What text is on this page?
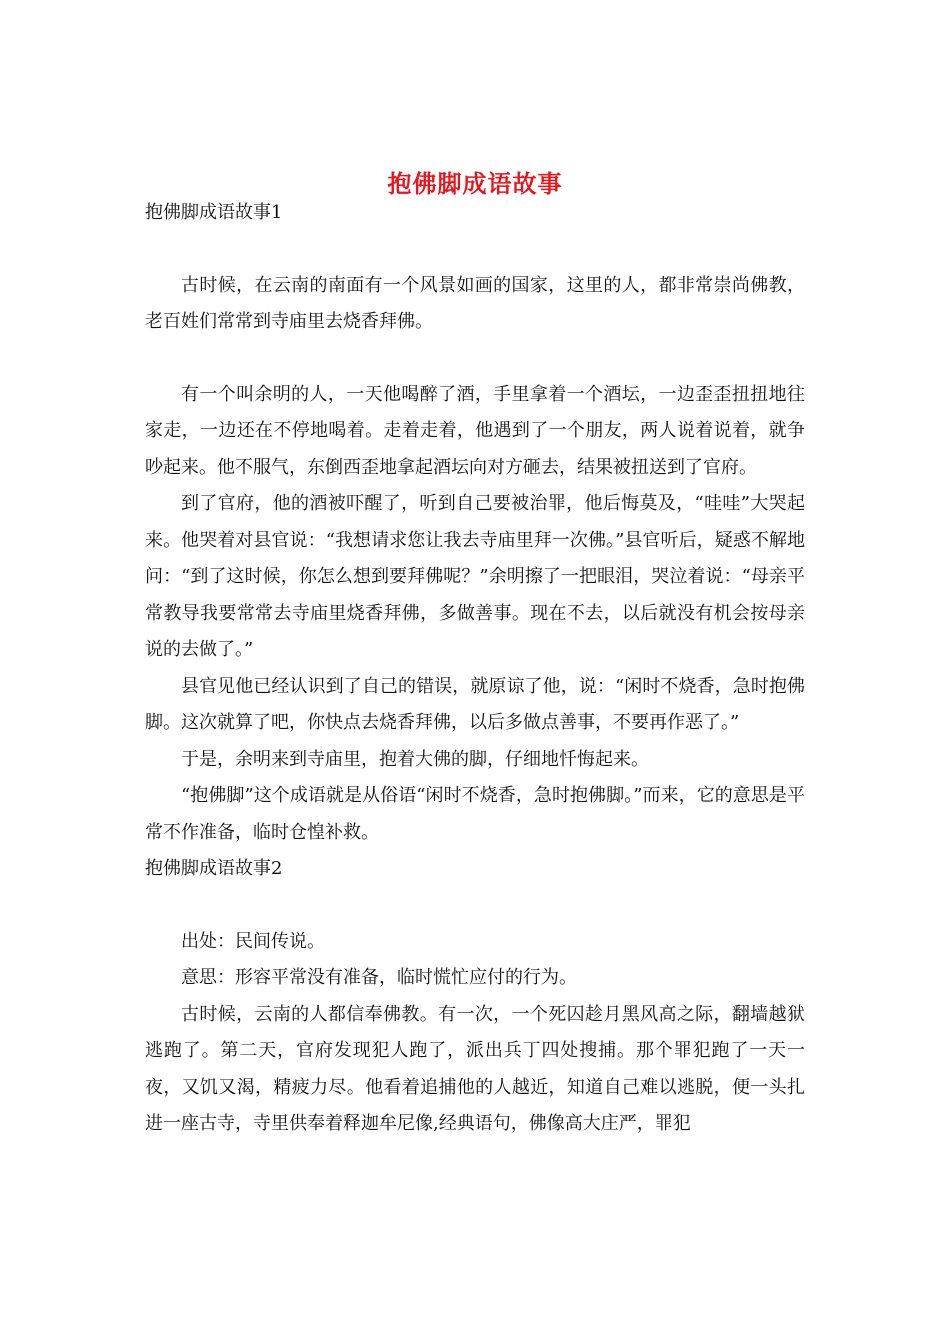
抱佛脚成语故事
抱佛脚成语故事1

古时候，在云南的南面有一个风景如画的国家，这里的人，都非常崇尚佛教，老百姓们常常到寺庙里去烧香拜佛。

有一个叫余明的人，一天他喝醉了酒，手里拿着一个酒坛，一边歪歪扭扭地往家走，一边还在不停地喝着。走着走着，他遇到了一个朋友，两人说着说着，就争吵起来。他不服气，东倒西歪地拿起酒坛向对方砸去，结果被扭送到了官府。

到了官府，他的酒被吓醒了，听到自己要被治罪，他后悔莫及，“哇哇”大哭起来。他哭着对县官说：“我想请求您让我去寺庙里拜一次佛。”县官听后，疑惑不解地问：“到了这时候，你怎么想到要拜佛呢？”余明擦了一把眼泪，哭泣着说：“母亲平常教导我要常常去寺庙里烧香拜佛，多做善事。现在不去，以后就没有机会按母亲说的去做了。”

县官见他已经认识到了自己的错误，就原谅了他，说：“闲时不烧香，急时抱佛脚。这次就算了吧，你快点去烧香拜佛，以后多做点善事，不要再作恶了。”

于是，余明来到寺庙里，抱着大佛的脚，仔细地忏悔起来。

“抱佛脚”这个成语就是从俗语“闲时不烧香，急时抱佛脚。”而来，它的意思是平常不作准备，临时仓惶补救。

抱佛脚成语故事2

出处：民间传说。

意思：形容平常没有准备，临时慌忙应付的行为。

古时候，云南的人都信奉佛教。有一次，一个死囚趁月黑风高之际，翻墙越狱逃跑了。第二天，官府发现犯人跑了，派出兵丁四处搜捕。那个罪犯跑了一天一夜，又饥又渴，精疲力尽。他看着追捕他的人越近，知道自己难以逃脱，便一头扎进一座古寺，寺里供奉着释迦牟尼像,经典语句，佛像高大庄严，罪犯
